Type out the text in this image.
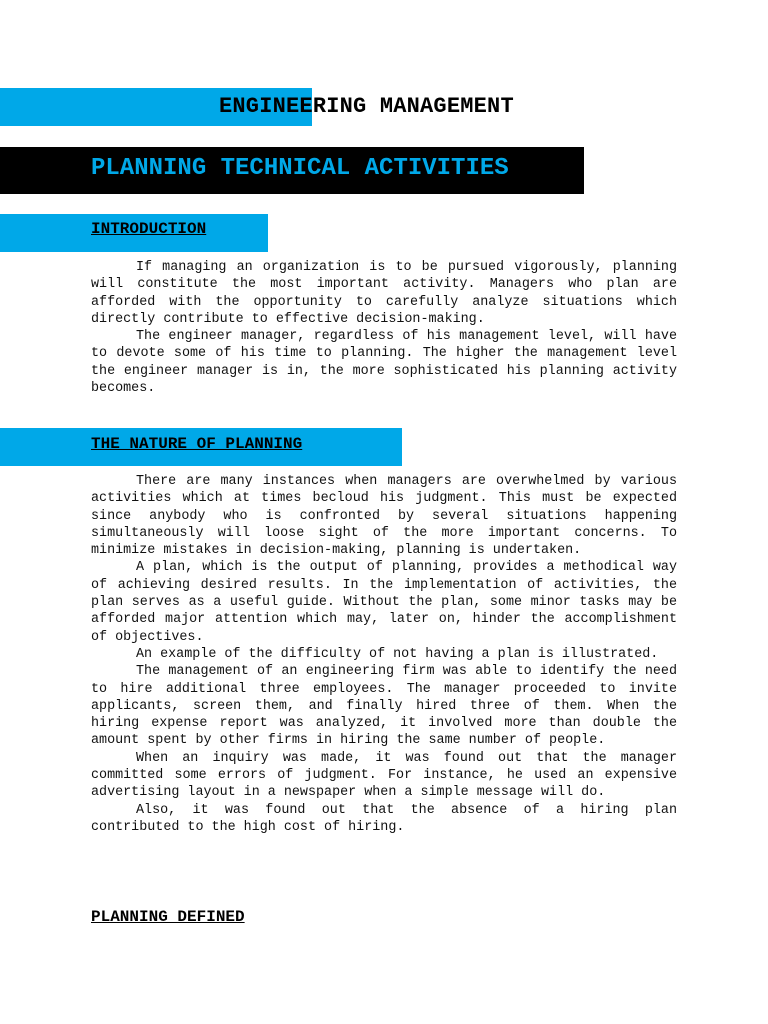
ENGINEERING MANAGEMENT
PLANNING TECHNICAL ACTIVITIES
INTRODUCTION

If managing an organization is to be pursued vigorously, planning will constitute the most important activity. Managers who plan are afforded with the opportunity to carefully analyze situations which directly contribute to effective decision-making.

The engineer manager, regardless of his management level, will have to devote some of his time to planning. The higher the management level the engineer manager is in, the more sophisticated his planning activity becomes.

THE NATURE OF PLANNING

There are many instances when managers are overwhelmed by various activities which at times becloud his judgment. This must be expected since anybody who is confronted by several situations happening simultaneously will loose sight of the more important concerns. To minimize mistakes in decision-making, planning is undertaken.

A plan, which is the output of planning, provides a methodical way of achieving desired results. In the implementation of activities, the plan serves as a useful guide. Without the plan, some minor tasks may be afforded major attention which may, later on, hinder the accomplishment of objectives.

An example of the difficulty of not having a plan is illustrated.

The management of an engineering firm was able to identify the need to hire additional three employees. The manager proceeded to invite applicants, screen them, and finally hired three of them. When the hiring expense report was analyzed, it involved more than double the amount spent by other firms in hiring the same number of people.

When an inquiry was made, it was found out that the manager committed some errors of judgment. For instance, he used an expensive advertising layout in a newspaper when a simple message will do.

Also, it was found out that the absence of a hiring plan contributed to the high cost of hiring.

PLANNING DEFINED
